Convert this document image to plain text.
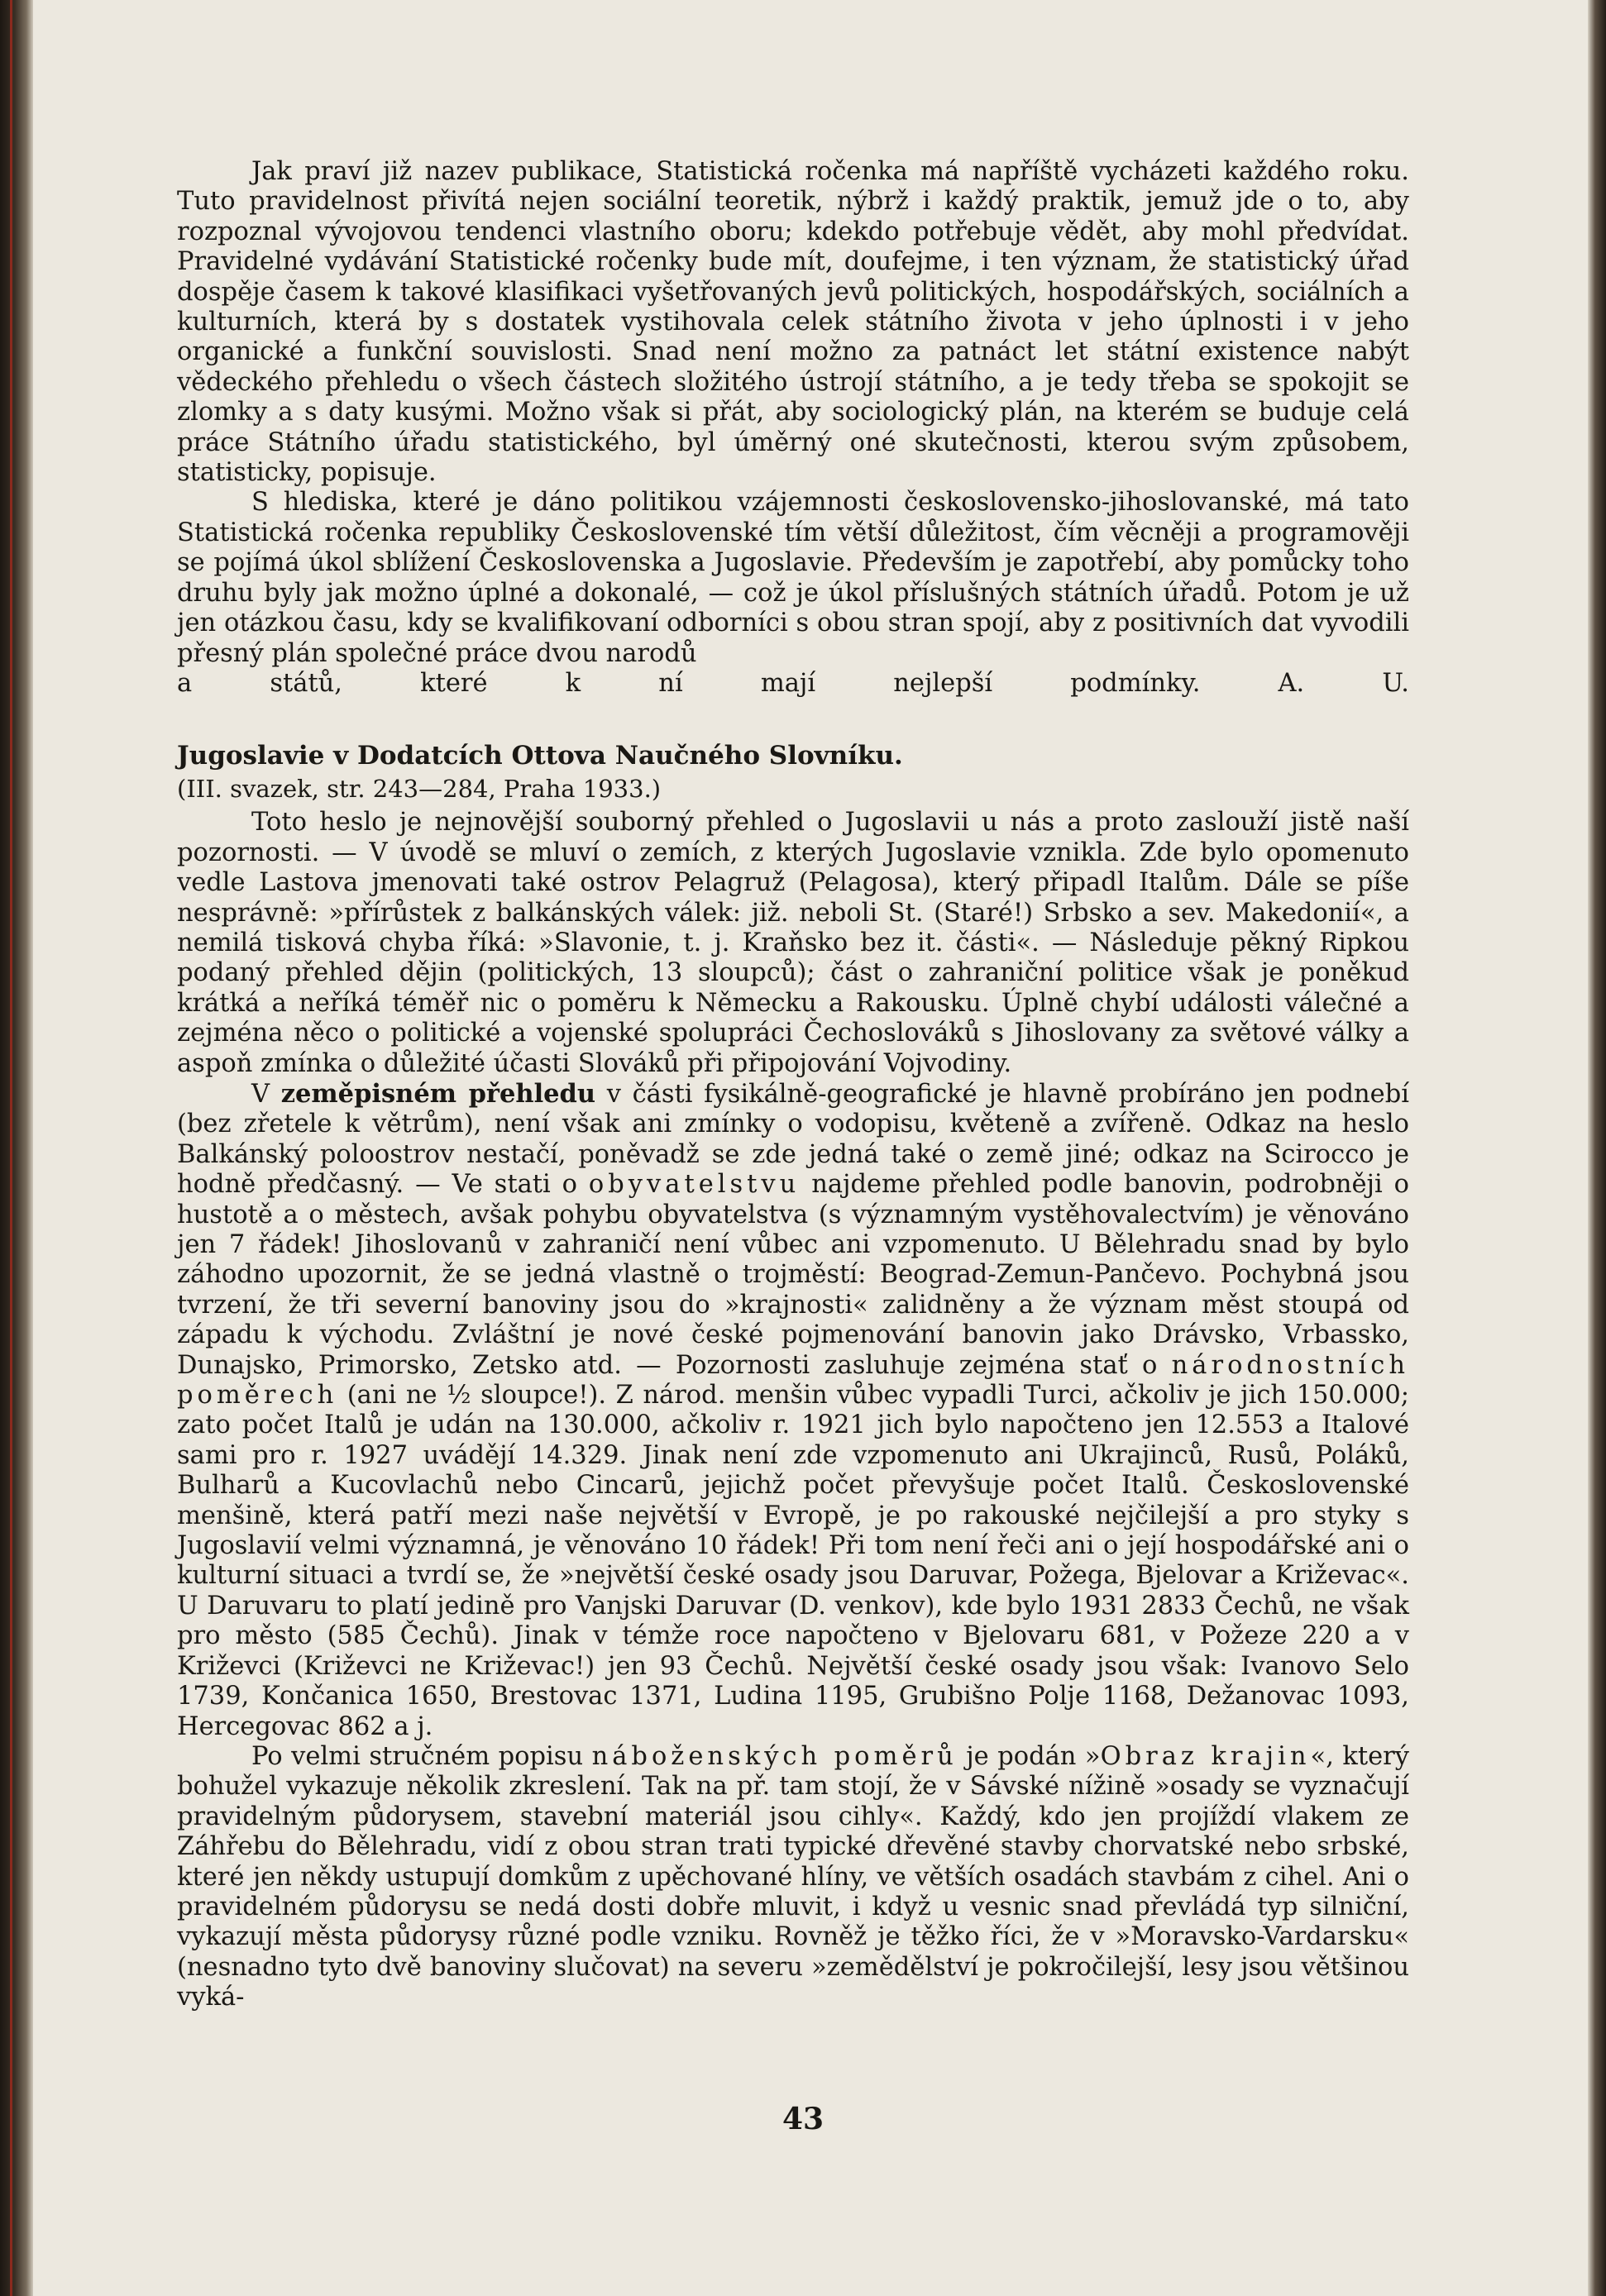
Jak praví již nazev publikace, Statistická ročenka má napříště vycházeti každého roku. Tuto pravidelnost přivítá nejen sociální teoretik, nýbrž i každý praktik, jemuž jde o to, aby rozpoznal vývojovou tendenci vlastního oboru; kdekdo potřebuje vědět, aby mohl předvídat. Pravidelné vydávání Statistické ročenky bude mít, doufejme, i ten význam, že statistický úřad dospěje časem k takové klasifikaci vyšetřovaných jevů politických, hospodářských, sociálních a kulturních, která by s dostatek vystihovala celek státního života v jeho úplnosti i v jeho organické a funkční souvislosti. Snad není možno za patnáct let státní existence nabýt vědeckého přehledu o všech částech složitého ústrojí státního, a je tedy třeba se spokojit se zlomky a s daty kusými. Možno však si přát, aby sociologický plán, na kterém se buduje celá práce Státního úřadu statistického, byl úměrný oné skutečnosti, kterou svým způsobem, statisticky, popisuje.

S hlediska, které je dáno politikou vzájemnosti československo-jihoslovanské, má tato Statistická ročenka republiky Československé tím větší důležitost, čím věcněji a programověji se pojímá úkol sblížení Československa a Jugoslavie. Především je zapotřebí, aby pomůcky toho druhu byly jak možno úplné a dokonalé, — což je úkol příslušných státních úřadů. Potom je už jen otázkou času, kdy se kvalifikovaní odborníci s obou stran spojí, aby z positivních dat vyvodili přesný plán společné práce dvou narodů

a států, které k ní mají nejlepší podmínky.	A. U.
Jugoslavie v Dodatcích Ottova Naučného Slovníku.
(III. svazek, str. 243—284, Praha 1933.)

Toto heslo je nejnovější souborný přehled o Jugoslavii u nás a proto zaslouží jistě naší pozornosti. — V úvodě se mluví o zemích, z kterých Jugoslavie vznikla. Zde bylo opomenuto vedle Lastova jmenovati také ostrov Pelagruž (Pelagosa), který připadl Italům. Dále se píše nesprávně: »přírůstek z balkánských válek: již. neboli St. (Staré!) Srbsko a sev. Makedonií«, a nemilá tisková chyba říká: »Slavonie, t. j. Kraňsko bez it. části«. — Následuje pěkný Ripkou podaný přehled dějin (politických, 13 sloupců); část o zahraniční politice však je poněkud krátká a neříká téměř nic o poměru k Německu a Rakousku. Úplně chybí události válečné a zejména něco o politické a vojenské spolupráci Čechoslováků s Jihoslovany za světové války a aspoň zmínka o důležité účasti Slováků při připojování Vojvodiny.

V zeměpisném přehledu v části fysikálně-geografické je hlavně probíráno jen podnebí (bez zřetele k větrům), není však ani zmínky o vodopisu, květeně a zvířeně. Odkaz na heslo Balkánský poloostrov nestačí, poněvadž se zde jedná také o země jiné; odkaz na Scirocco je hodně předčasný. — Ve stati o obyvatelstvu najdeme přehled podle banovin, podrobněji o hustotě a o městech, avšak pohybu obyvatelstva (s významným vystěhovalectvím) je věnováno jen 7 řádek! Jihoslovanů v zahraničí není vůbec ani vzpomenuto. U Bělehradu snad by bylo záhodno upozornit, že se jedná vlastně o trojměstí: Beograd-Zemun-Pančevo. Pochybná jsou tvrzení, že tři severní banoviny jsou do »krajnosti« zalidněny a že význam měst stoupá od západu k východu. Zvláštní je nové české pojmenování banovin jako Drávsko, Vrbassko, Dunajsko, Primorsko, Zetsko atd. — Pozornosti zasluhuje zejména stať o národnostních poměrech (ani ne ½ sloupce!). Z národ. menšin vůbec vypadli Turci, ačkoliv je jich 150.000; zato počet Italů je udán na 130.000, ačkoliv r. 1921 jich bylo napočteno jen 12.553 a Italové sami pro r. 1927 uvádějí 14.329. Jinak není zde vzpomenuto ani Ukrajinců, Rusů, Poláků, Bulharů a Kucovlachů nebo Cincarů, jejichž počet převyšuje počet Italů. Československé menšině, která patří mezi naše největší v Evropě, je po rakouské nejčilejší a pro styky s Jugoslavií velmi významná, je věnováno 10 řádek! Při tom není řeči ani o její hospodářské ani o kulturní situaci a tvrdí se, že »největší české osady jsou Daruvar, Požega, Bjelovar a Križevac«. U Daruvaru to platí jedině pro Vanjski Daruvar (D. venkov), kde bylo 1931 2833 Čechů, ne však pro město (585 Čechů). Jinak v témže roce napočteno v Bjelovaru 681, v Požeze 220 a v Križevci (Križevci ne Križevac!) jen 93 Čechů. Největší české osady jsou však: Ivanovo Selo 1739, Končanica 1650, Brestovac 1371, Ludina 1195, Grubišno Polje 1168, Dežanovac 1093, Hercegovac 862 a j.

Po velmi stručném popisu náboženských poměrů je podán »Obraz krajin«, který bohužel vykazuje několik zkreslení. Tak na př. tam stojí, že v Sávské nížině »osady se vyznačují pravidelným půdorysem, stavební materiál jsou cihly«. Každý, kdo jen projíždí vlakem ze Záhřebu do Bělehradu, vidí z obou stran trati typické dřevěné stavby chorvatské nebo srbské, které jen někdy ustupují domkům z upěchované hlíny, ve větších osadách stavbám z cihel. Ani o pravidelném půdorysu se nedá dosti dobře mluvit, i když u vesnic snad převládá typ silniční, vykazují města půdorysy různé podle vzniku. Rovněž je těžko říci, že v »Moravsko-Vardarsku« (nesnadno tyto dvě banoviny slučovat) na severu »zemědělství je pokročilejší, lesy jsou většinou vyká-

43
